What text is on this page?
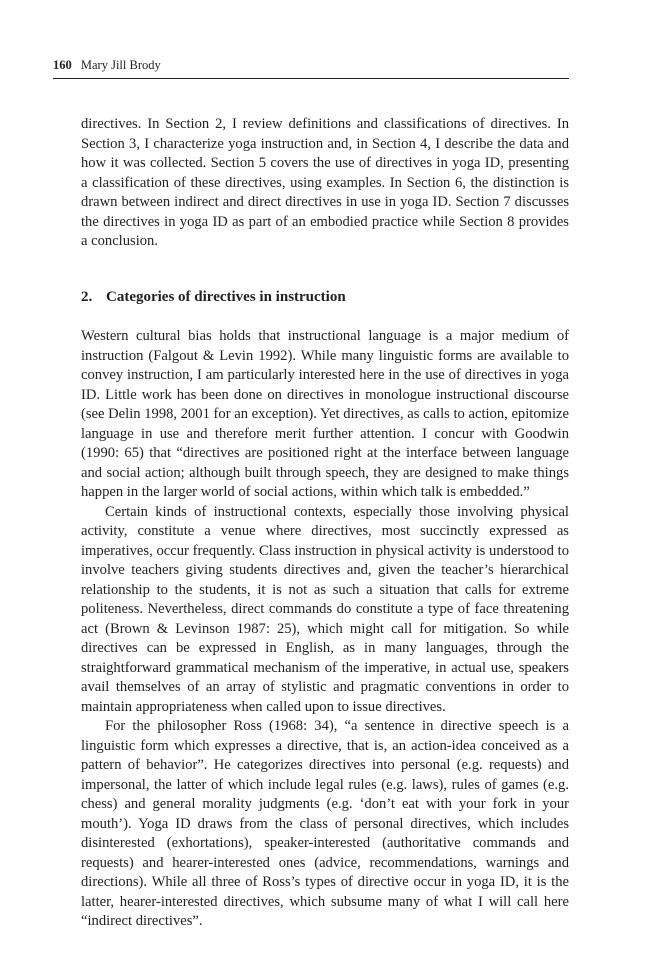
160 Mary Jill Brody

directives. In Section 2, I review definitions and classifications of directives. In Section 3, I characterize yoga instruction and, in Section 4, I describe the data and how it was collected. Section 5 covers the use of directives in yoga ID, presenting a classification of these directives, using examples. In Section 6, the distinction is drawn between indirect and direct directives in use in yoga ID. Section 7 discusses the directives in yoga ID as part of an embodied practice while Section 8 provides a conclusion.

2. Categories of directives in instruction

Western cultural bias holds that instructional language is a major medium of instruction (Falgout & Levin 1992). While many linguistic forms are available to convey instruction, I am particularly interested here in the use of directives in yoga ID. Little work has been done on directives in monologue instructional discourse (see Delin 1998, 2001 for an exception). Yet directives, as calls to action, epitomize language in use and therefore merit further attention. I concur with Goodwin (1990: 65) that “directives are positioned right at the interface between language and social action; although built through speech, they are designed to make things happen in the larger world of social actions, within which talk is embedded.”

Certain kinds of instructional contexts, especially those involving physical activity, constitute a venue where directives, most succinctly expressed as imperatives, occur frequently. Class instruction in physical activity is understood to involve teachers giving students directives and, given the teacher’s hierarchical relationship to the students, it is not as such a situation that calls for extreme politeness. Nevertheless, direct commands do constitute a type of face threatening act (Brown & Levinson 1987: 25), which might call for mitigation. So while directives can be expressed in English, as in many languages, through the straightforward grammatical mechanism of the imperative, in actual use, speakers avail themselves of an array of stylistic and pragmatic conventions in order to maintain appropriateness when called upon to issue directives.

For the philosopher Ross (1968: 34), “a sentence in directive speech is a linguistic form which expresses a directive, that is, an action-idea conceived as a pattern of behavior”. He categorizes directives into personal (e.g. requests) and impersonal, the latter of which include legal rules (e.g. laws), rules of games (e.g. chess) and general morality judgments (e.g. ‘don’t eat with your fork in your mouth’). Yoga ID draws from the class of personal directives, which includes disinterested (exhortations), speaker-interested (authoritative commands and requests) and hearer-interested ones (advice, recommendations, warnings and directions). While all three of Ross’s types of directive occur in yoga ID, it is the latter, hearer-interested directives, which subsume many of what I will call here “indirect directives”.
